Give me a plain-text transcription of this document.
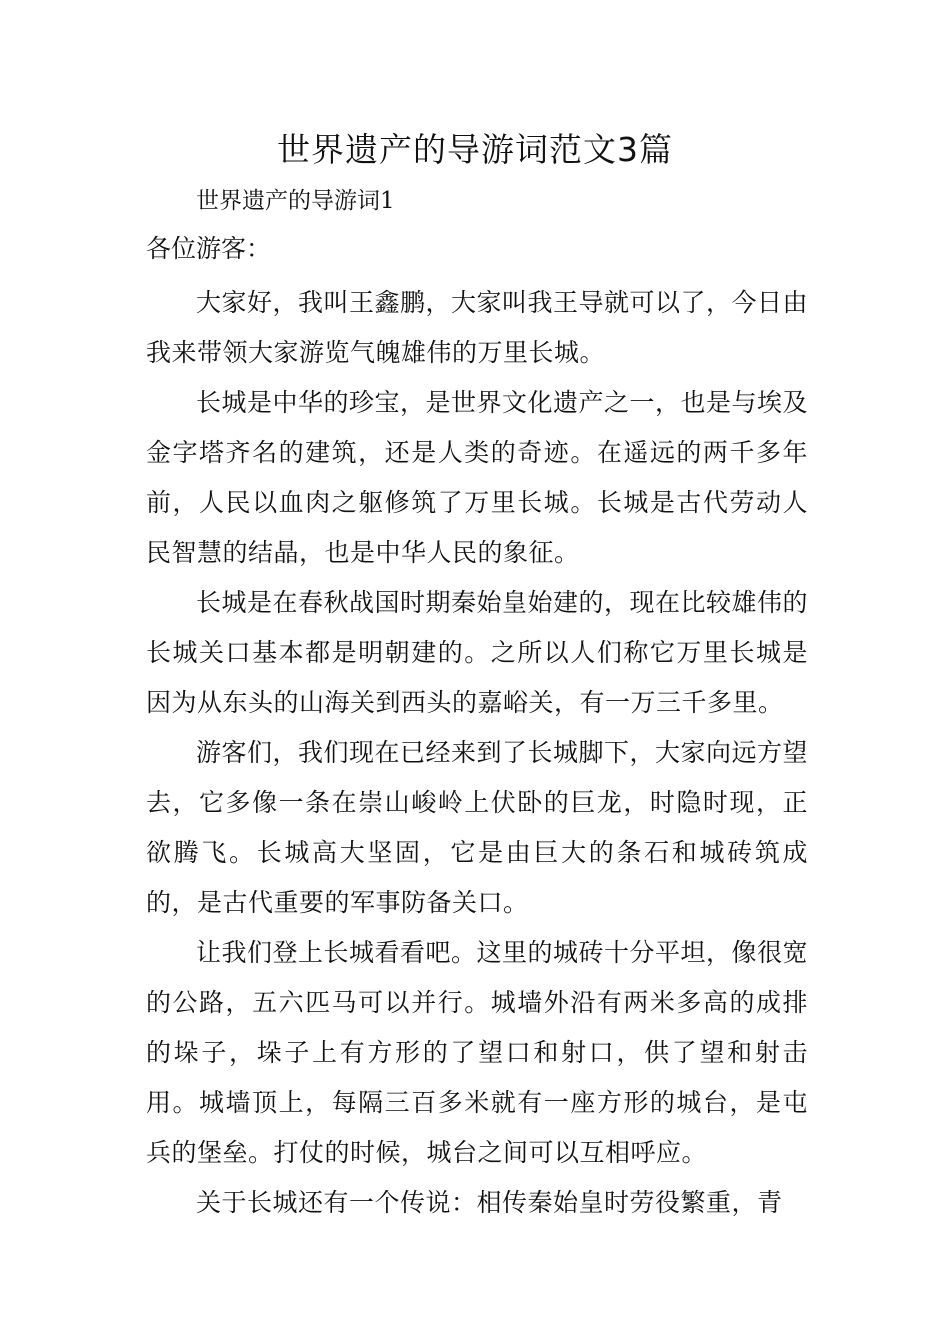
世界遗产的导游词范文3篇

世界遗产的导游词1

各位游客：

大家好，我叫王鑫鹏，大家叫我王导就可以了，今日由我来带领大家游览气魄雄伟的万里长城。

长城是中华的珍宝，是世界文化遗产之一，也是与埃及金字塔齐名的建筑，还是人类的奇迹。在遥远的两千多年前，人民以血肉之躯修筑了万里长城。长城是古代劳动人民智慧的结晶，也是中华人民的象征。

长城是在春秋战国时期秦始皇始建的，现在比较雄伟的长城关口基本都是明朝建的。之所以人们称它万里长城是因为从东头的山海关到西头的嘉峪关，有一万三千多里。

游客们，我们现在已经来到了长城脚下，大家向远方望去，它多像一条在崇山峻岭上伏卧的巨龙，时隐时现，正欲腾飞。长城高大坚固，它是由巨大的条石和城砖筑成的，是古代重要的军事防备关口。

让我们登上长城看看吧。这里的城砖十分平坦，像很宽的公路，五六匹马可以并行。城墙外沿有两米多高的成排的垛子，垛子上有方形的了望口和射口，供了望和射击用。城墙顶上，每隔三百多米就有一座方形的城台，是屯兵的堡垒。打仗的时候，城台之间可以互相呼应。

关于长城还有一个传说：相传秦始皇时劳役繁重，青
